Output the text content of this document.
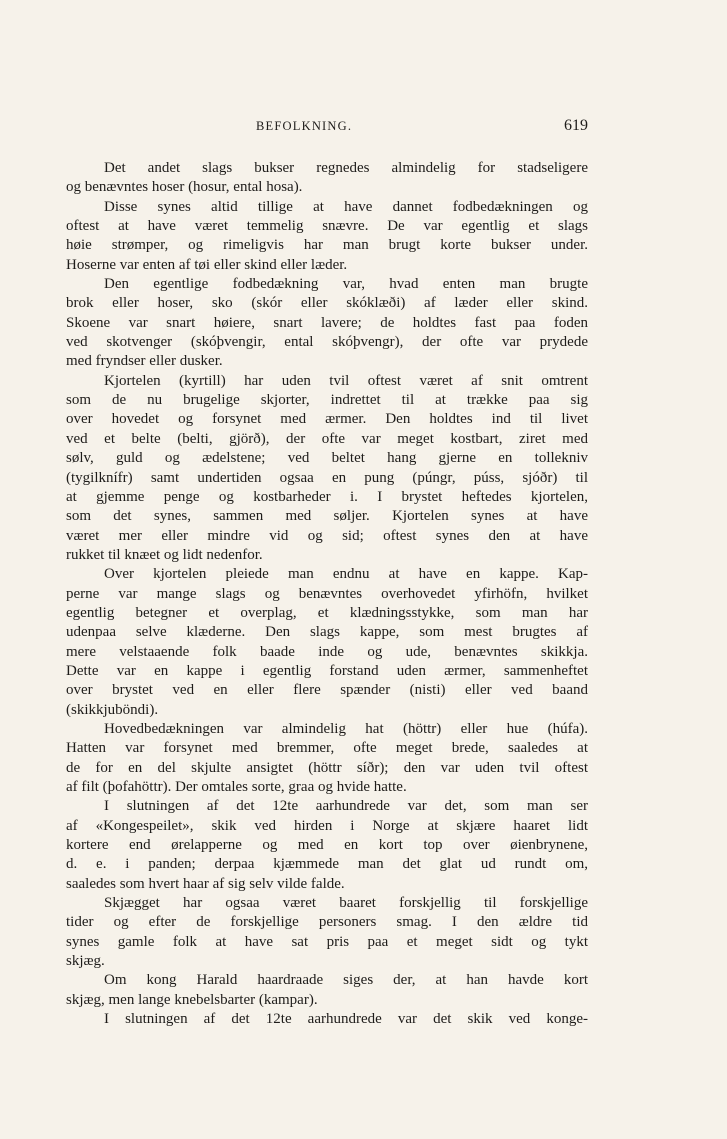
BEFOLKNING.	619
Det andet slags bukser regnedes almindelig for stadseligere
og benævntes hoser (hosur, ental hosa).
Disse synes altid tillige at have dannet fodbedækningen og
oftest at have været temmelig snævre. De var egentlig et slags
høie strømper, og rimeligvis har man brugt korte bukser under.
Hoserne var enten af tøi eller skind eller læder.
Den egentlige fodbedækning var, hvad enten man brugte
brok eller hoser, sko (skór eller skóklæði) af læder eller skind.
Skoene var snart høiere, snart lavere; de holdtes fast paa foden
ved skotvenger (skóþvengir, ental skóþvengr), der ofte var prydede
med fryndser eller dusker.
Kjortelen (kyrtill) har uden tvil oftest været af snit omtrent
som de nu brugelige skjorter, indrettet til at trække paa sig
over hovedet og forsynet med ærmer. Den holdtes ind til livet
ved et belte (belti, gjörð), der ofte var meget kostbart, ziret med
sølv, guld og ædelstene; ved beltet hang gjerne en tollekniv
(tygilknífr) samt undertiden ogsaa en pung (púngr, púss, sjóðr) til
at gjemme penge og kostbarheder i. I brystet heftedes kjortelen,
som det synes, sammen med søljer. Kjortelen synes at have
været mer eller mindre vid og sid; oftest synes den at have
rukket til knæet og lidt nedenfor.
Over kjortelen pleiede man endnu at have en kappe. Kap-
perne var mange slags og benævntes overhovedet yfirhöfn, hvilket
egentlig betegner et overplag, et klædningsstykke, som man har
udenpaa selve klæderne. Den slags kappe, som mest brugtes af
mere velstaaende folk baade inde og ude, benævntes skikkja.
Dette var en kappe i egentlig forstand uden ærmer, sammenheftet
over brystet ved en eller flere spænder (nisti) eller ved baand
(skikkjuböndi).
Hovedbedækningen var almindelig hat (höttr) eller hue (húfa).
Hatten var forsynet med bremmer, ofte meget brede, saaledes at
de for en del skjulte ansigtet (höttr síðr); den var uden tvil oftest
af filt (þofahöttr). Der omtales sorte, graa og hvide hatte.
I slutningen af det 12te aarhundrede var det, som man ser
af «Kongespeilet», skik ved hirden i Norge at skjære haaret lidt
kortere end ørelapperne og med en kort top over øienbrynene,
d. e. i panden; derpaa kjæmmede man det glat ud rundt om,
saaledes som hvert haar af sig selv vilde falde.
Skjægget har ogsaa været baaret forskjellig til forskjellige
tider og efter de forskjellige personers smag. I den ældre tid
synes gamle folk at have sat pris paa et meget sidt og tykt
skjæg.
Om kong Harald haardraade siges der, at han havde kort
skjæg, men lange knebelsbarter (kampar).
I slutningen af det 12te aarhundrede var det skik ved konge-
